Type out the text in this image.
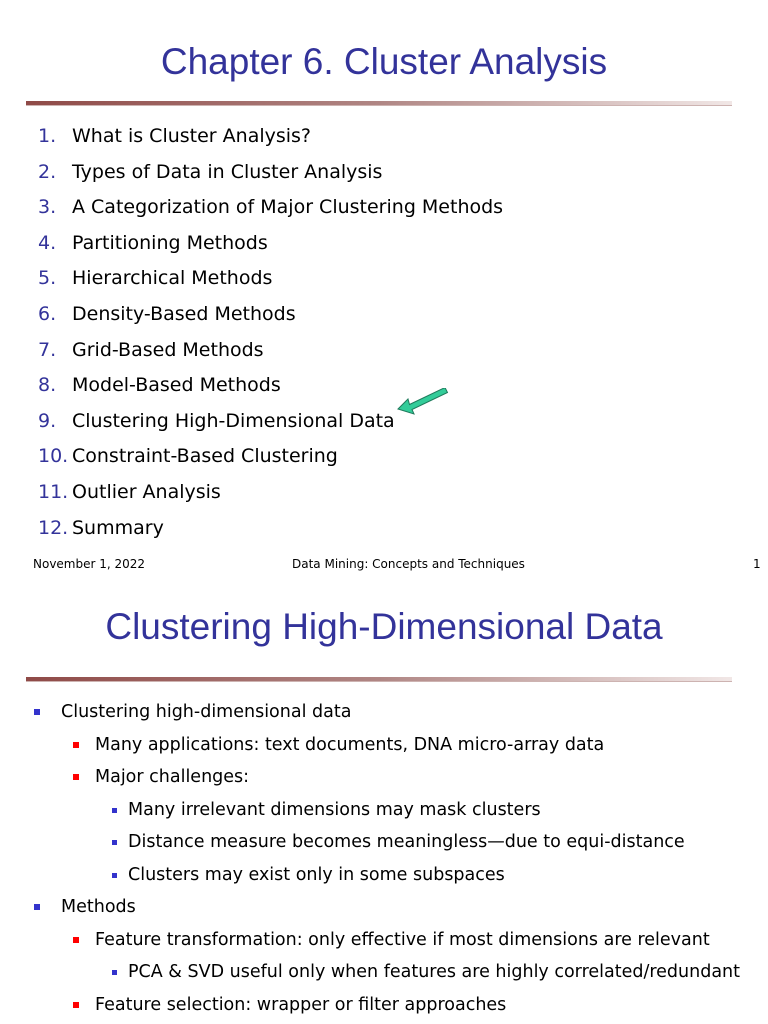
Chapter 6. Cluster Analysis
1. What is Cluster Analysis?
2. Types of Data in Cluster Analysis
3. A Categorization of Major Clustering Methods
4. Partitioning Methods
5. Hierarchical Methods
6. Density-Based Methods
7. Grid-Based Methods
8. Model-Based Methods
9. Clustering High-Dimensional Data
10. Constraint-Based Clustering
11. Outlier Analysis
12. Summary
November 1, 2022	Data Mining: Concepts and Techniques	1
Clustering High-Dimensional Data
Clustering high-dimensional data
Many applications: text documents, DNA micro-array data
Major challenges:
Many irrelevant dimensions may mask clusters
Distance measure becomes meaningless—due to equi-distance
Clusters may exist only in some subspaces
Methods
Feature transformation: only effective if most dimensions are relevant
PCA & SVD useful only when features are highly correlated/redundant
Feature selection: wrapper or filter approaches
